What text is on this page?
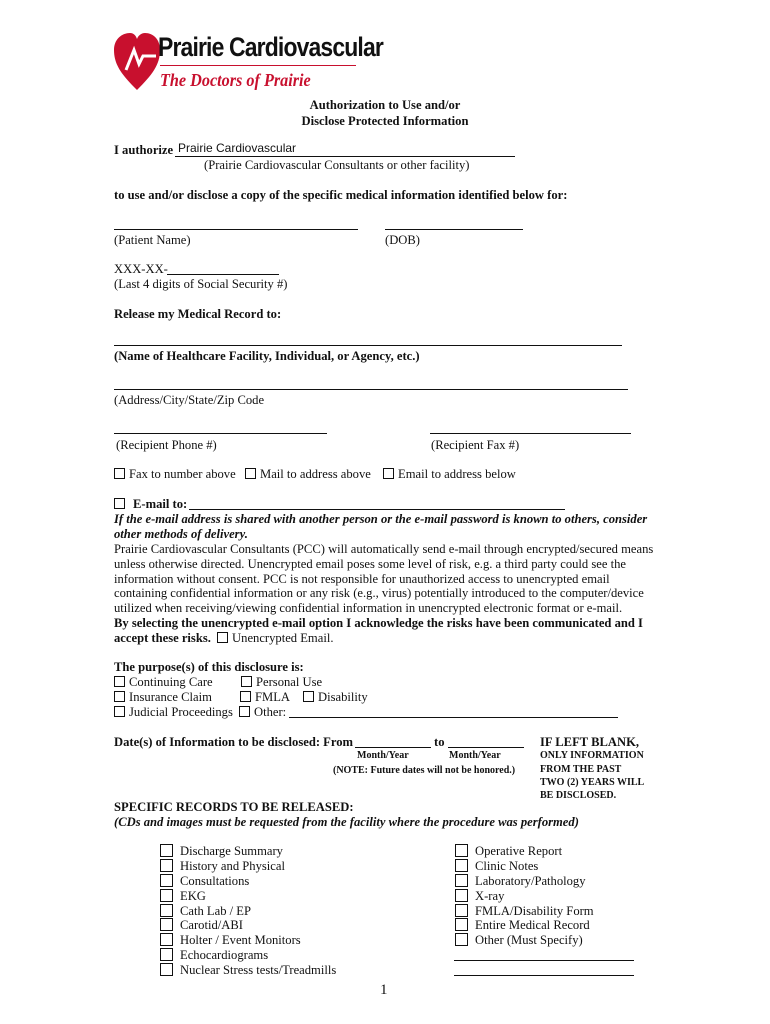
Prairie Cardiovascular
The Doctors of Prairie
Authorization to Use and/or
Disclose Protected Information
I authorize Prairie Cardiovascular
(Prairie Cardiovascular Consultants or other facility)
to use and/or disclose a copy of the specific medical information identified below for:
(Patient Name)	(DOB)
XXX-XX-
(Last 4 digits of Social Security #)
Release my Medical Record to:
(Name of Healthcare Facility, Individual, or Agency, etc.)
(Address/City/State/Zip Code
(Recipient Phone #)	(Recipient Fax #)
Fax to number above	Mail to address above	Email to address below
E-mail to:
If the e-mail address is shared with another person or the e-mail password is known to others, consider other methods of delivery.
Prairie Cardiovascular Consultants (PCC) will automatically send e-mail through encrypted/secured means unless otherwise directed. Unencrypted email poses some level of risk, e.g. a third party could see the information without consent. PCC is not responsible for unauthorized access to unencrypted email containing confidential information or any risk (e.g., virus) potentially introduced to the computer/device utilized when receiving/viewing confidential information in unencrypted electronic format or e-mail.
By selecting the unencrypted e-mail option I acknowledge the risks have been communicated and I accept these risks. Unencrypted Email.
The purpose(s) of this disclosure is:
Continuing Care	Personal Use
Insurance Claim	FMLA	Disability
Judicial Proceedings	Other:
Date(s) of Information to be disclosed: From	to
Month/Year	Month/Year
(NOTE: Future dates will not be honored.)
IF LEFT BLANK,
ONLY INFORMATION
FROM THE PAST
TWO (2) YEARS WILL
BE DISCLOSED.
SPECIFIC RECORDS TO BE RELEASED:
(CDs and images must be requested from the facility where the procedure was performed)
Discharge Summary
History and Physical
Consultations
EKG
Cath Lab / EP
Carotid/ABI
Holter / Event Monitors
Echocardiograms
Nuclear Stress tests/Treadmills
Operative Report
Clinic Notes
Laboratory/Pathology
X-ray
FMLA/Disability Form
Entire Medical Record
Other (Must Specify)
1
